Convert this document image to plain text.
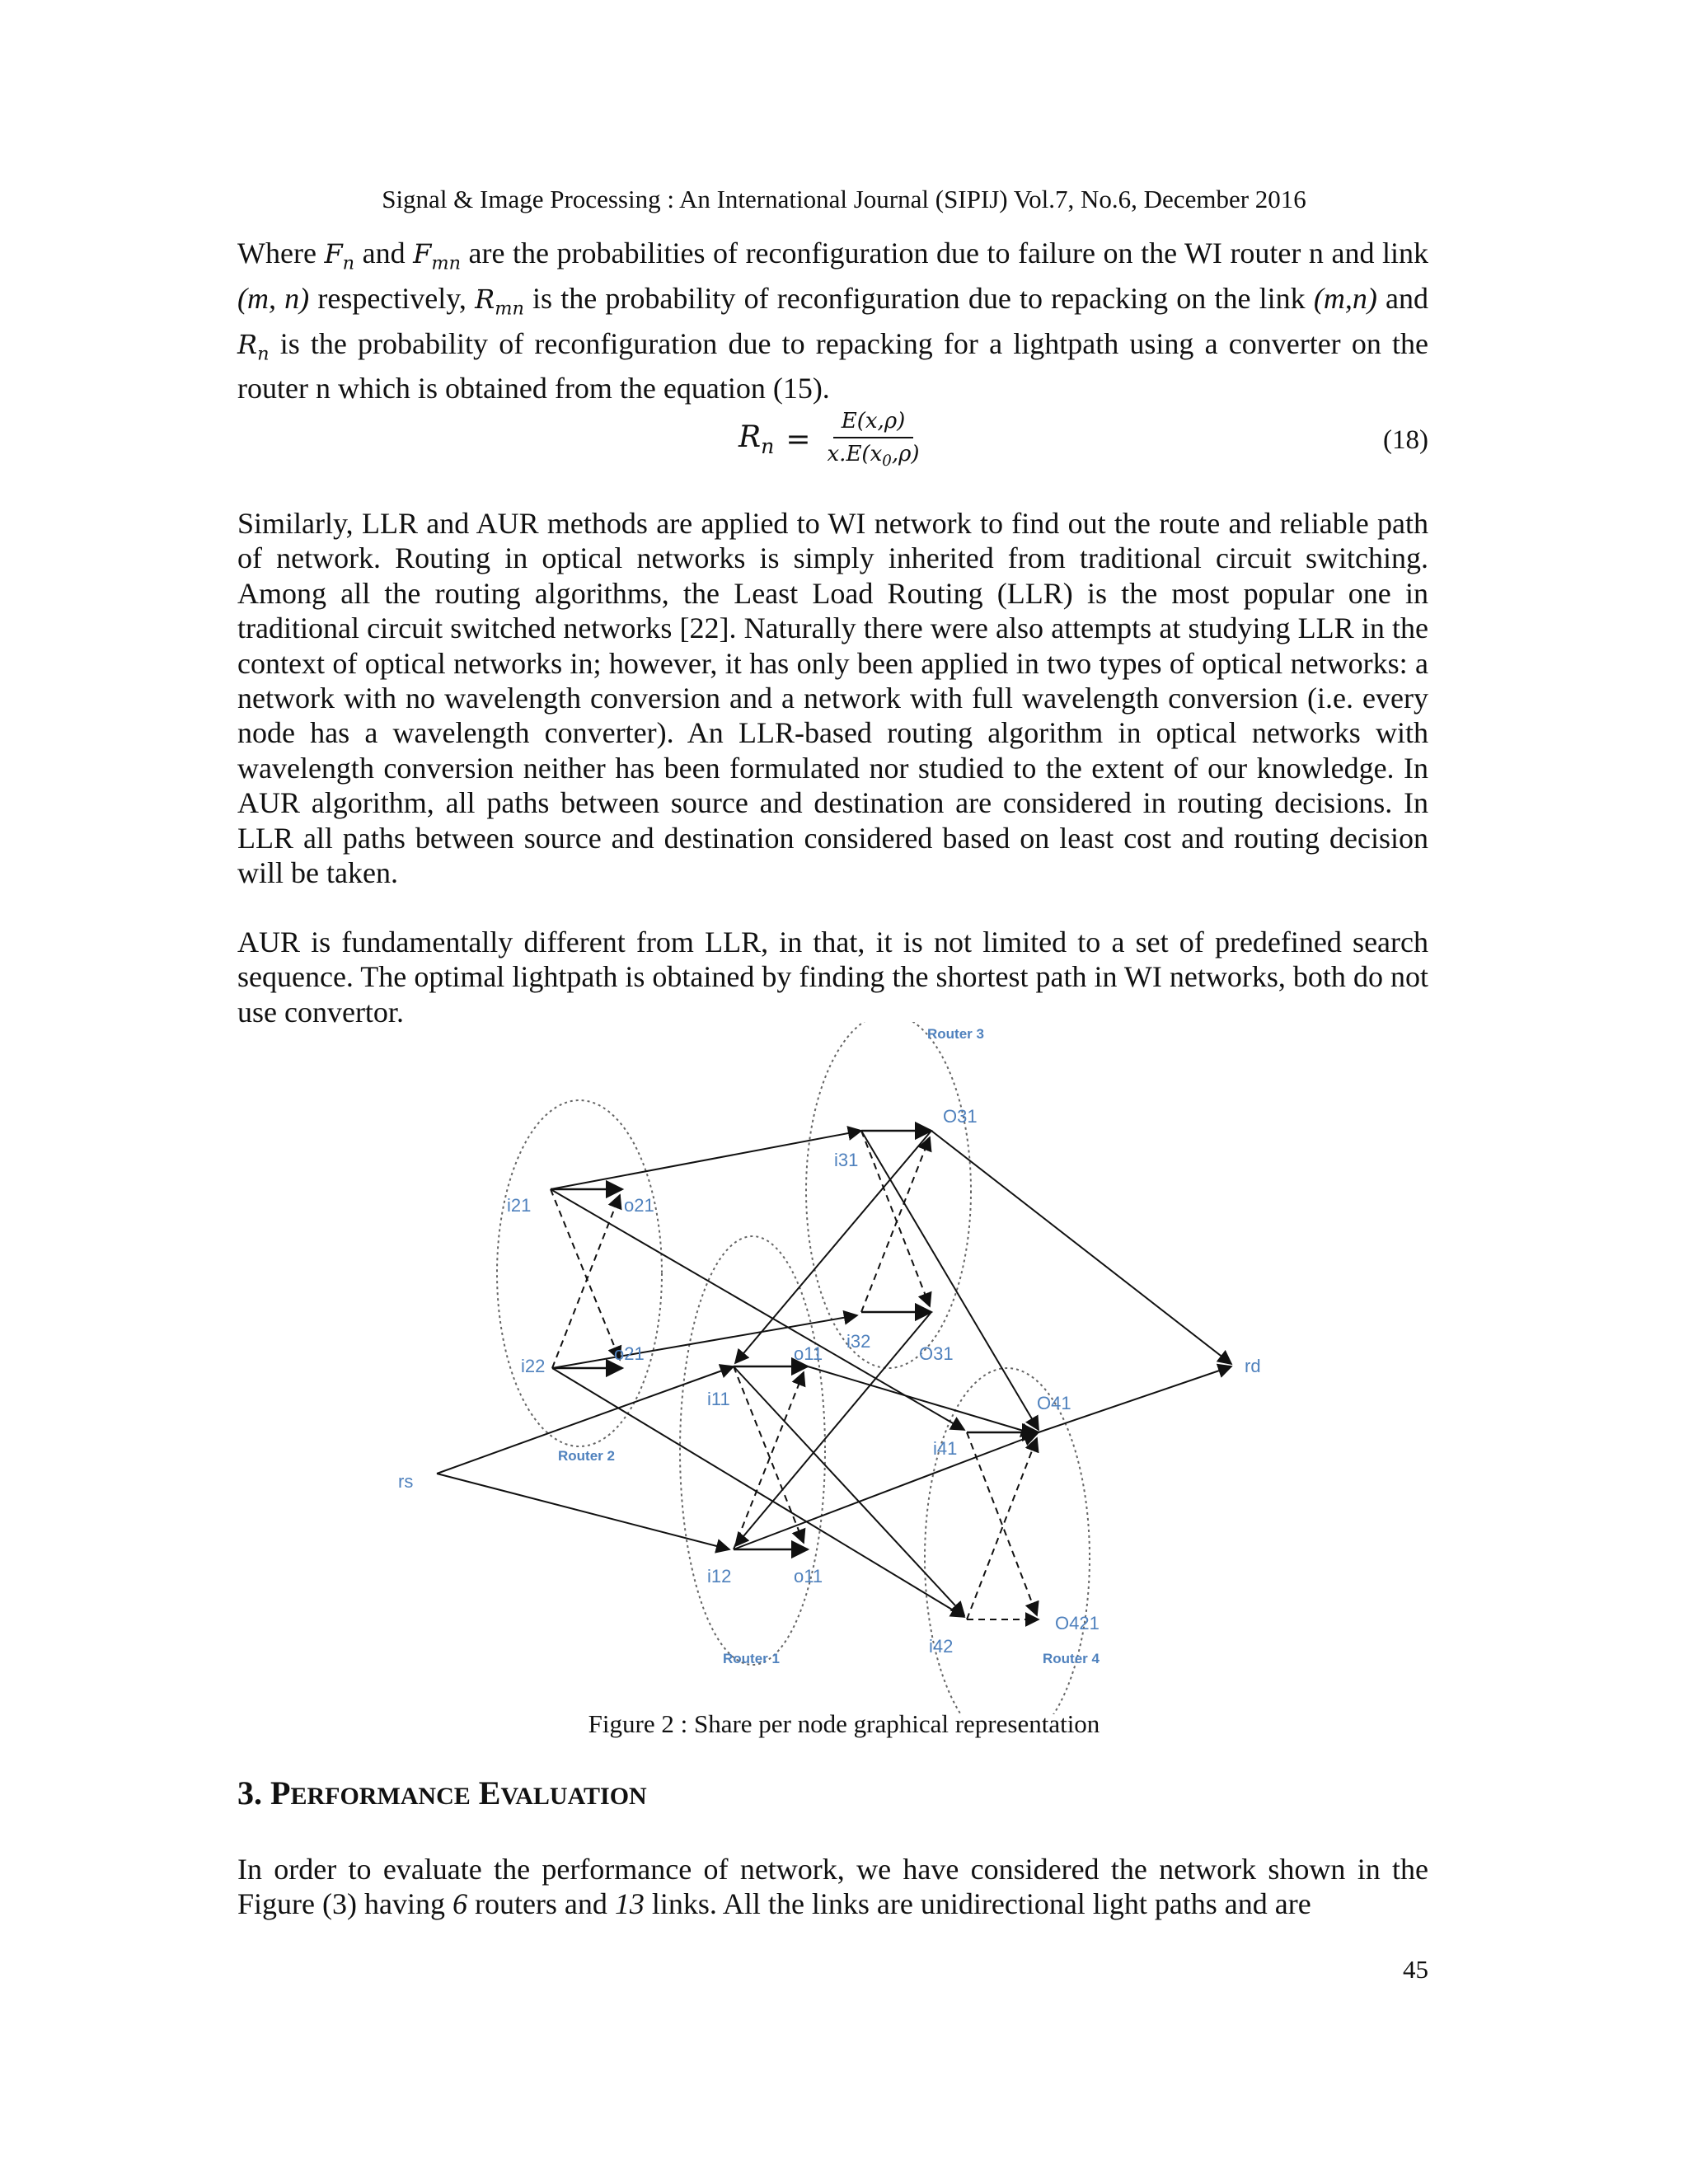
Signal & Image Processing : An International Journal (SIPIJ) Vol.7, No.6, December 2016
Where $F_n$ and $F_{mn}$ are the probabilities of reconfiguration due to failure on the WI router n and link (m, n) respectively, $R_{mn}$ is the probability of reconfiguration due to repacking on the link (m,n) and $R_n$ is the probability of reconfiguration due to repacking for a lightpath using a converter on the router n which is obtained from the equation (15).
$R_n = \frac{E(x,\rho)}{x.E(x_0,\rho)}$	(18)
Similarly, LLR and AUR methods are applied to WI network to find out the route and reliable path of network. Routing in optical networks is simply inherited from traditional circuit switching. Among all the routing algorithms, the Least Load Routing (LLR) is the most popular one in traditional circuit switched networks [22]. Naturally there were also attempts at studying LLR in the context of optical networks in; however, it has only been applied in two types of optical networks: a network with no wavelength conversion and a network with full wavelength conversion (i.e. every node has a wavelength converter). An LLR-based routing algorithm in optical networks with wavelength conversion neither has been formulated nor studied to the extent of our knowledge. In AUR algorithm, all paths between source and destination are considered in routing decisions. In LLR all paths between source and destination considered based on least cost and routing decision will be taken.
AUR is fundamentally different from LLR, in that, it is not limited to a set of predefined search sequence. The optimal lightpath is obtained by finding the shortest path in WI networks, both do not use convertor.
i21	o21
i22
o21
i31
O31
i32
O31
i11
o11
i12	o11
i41
O41
i42
O421
rs
rd
Router 1
Router 2
Router 3
Router 4
Figure 2 : Share per node graphical representation
3. PERFORMANCE EVALUATION
In order to evaluate the performance of network, we have considered the network shown in the Figure (3) having 6 routers and 13 links. All the links are unidirectional light paths and are
45
